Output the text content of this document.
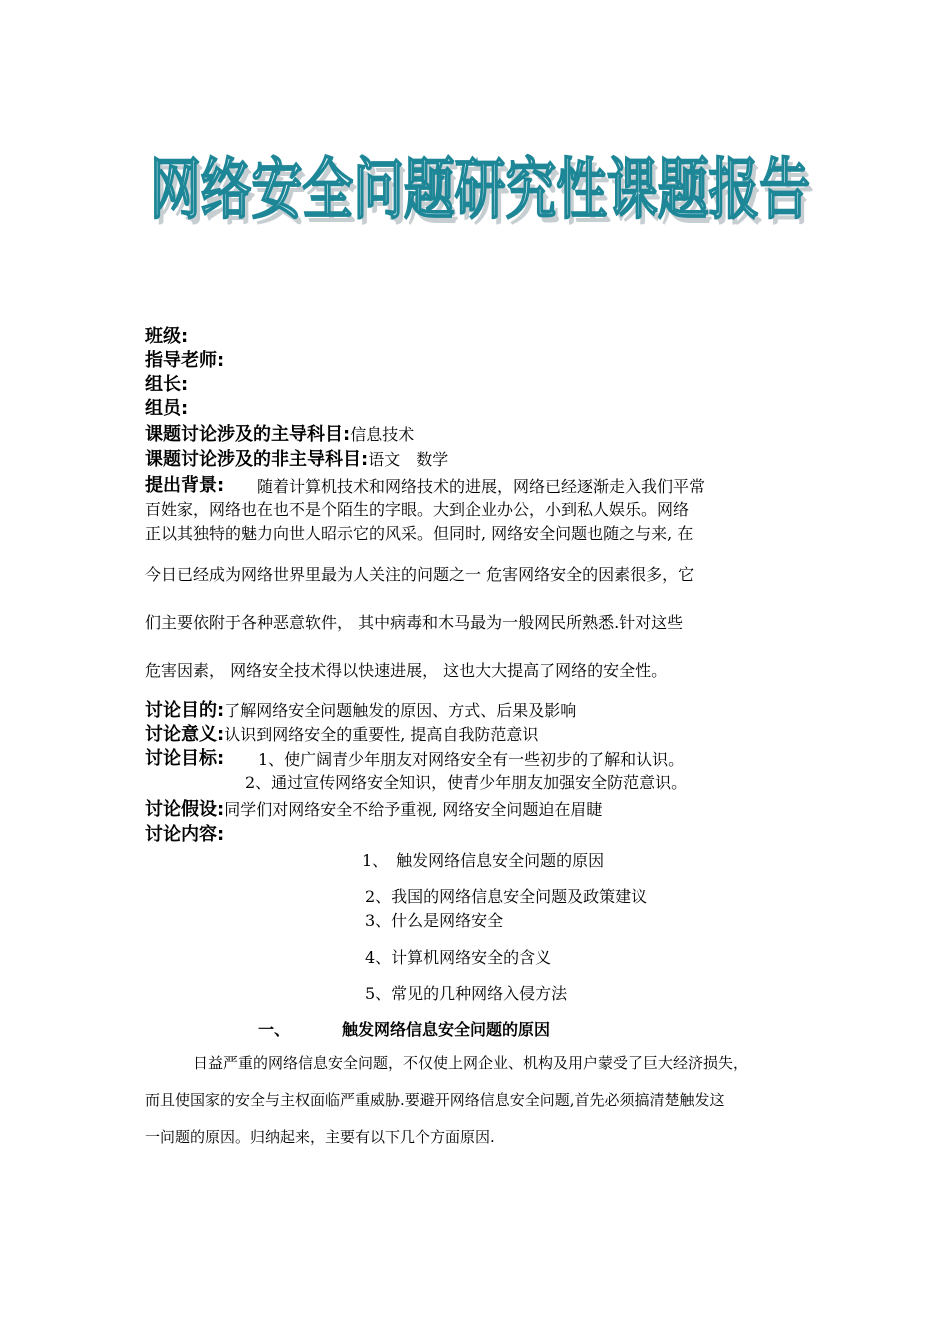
网络安全问题研究性课题报告
网络安全问题研究性课题报告
班级:
指导老师:
组长:
组员:
课题讨论涉及的主导科目:信息技术
课题讨论涉及的非主导科目:语文　数学
提出背景: 随着计算机技术和网络技术的进展，网络已经逐渐走入我们平常
百姓家，网络也在也不是个陌生的字眼。大到企业办公，小到私人娱乐。网络
正以其独特的魅力向世人昭示它的风采。但同时, 网络安全问题也随之与来, 在
今日已经成为网络世界里最为人关注的问题之一 危害网络安全的因素很多，它
们主要依附于各种恶意软件， 其中病毒和木马最为一般网民所熟悉.针对这些
危害因素， 网络安全技术得以快速进展， 这也大大提高了网络的安全性。
讨论目的:了解网络安全问题触发的原因、方式、后果及影响
讨论意义:认识到网络安全的重要性, 提高自我防范意识
讨论目标: 1、使广阔青少年朋友对网络安全有一些初步的了解和认识。
2、通过宣传网络安全知识，使青少年朋友加强安全防范意识。
讨论假设:同学们对网络安全不给予重视, 网络安全问题迫在眉睫
讨论内容:
1、　触发网络信息安全问题的原因
2、我国的网络信息安全问题及政策建议
3、什么是网络安全
4、计算机网络安全的含义
5、常见的几种网络入侵方法
一、	触发网络信息安全问题的原因
日益严重的网络信息安全问题，不仅使上网企业、机构及用户蒙受了巨大经济损失，
而且使国家的安全与主权面临严重威胁.要避开网络信息安全问题,首先必须搞清楚触发这
一问题的原因。归纳起来，主要有以下几个方面原因.
